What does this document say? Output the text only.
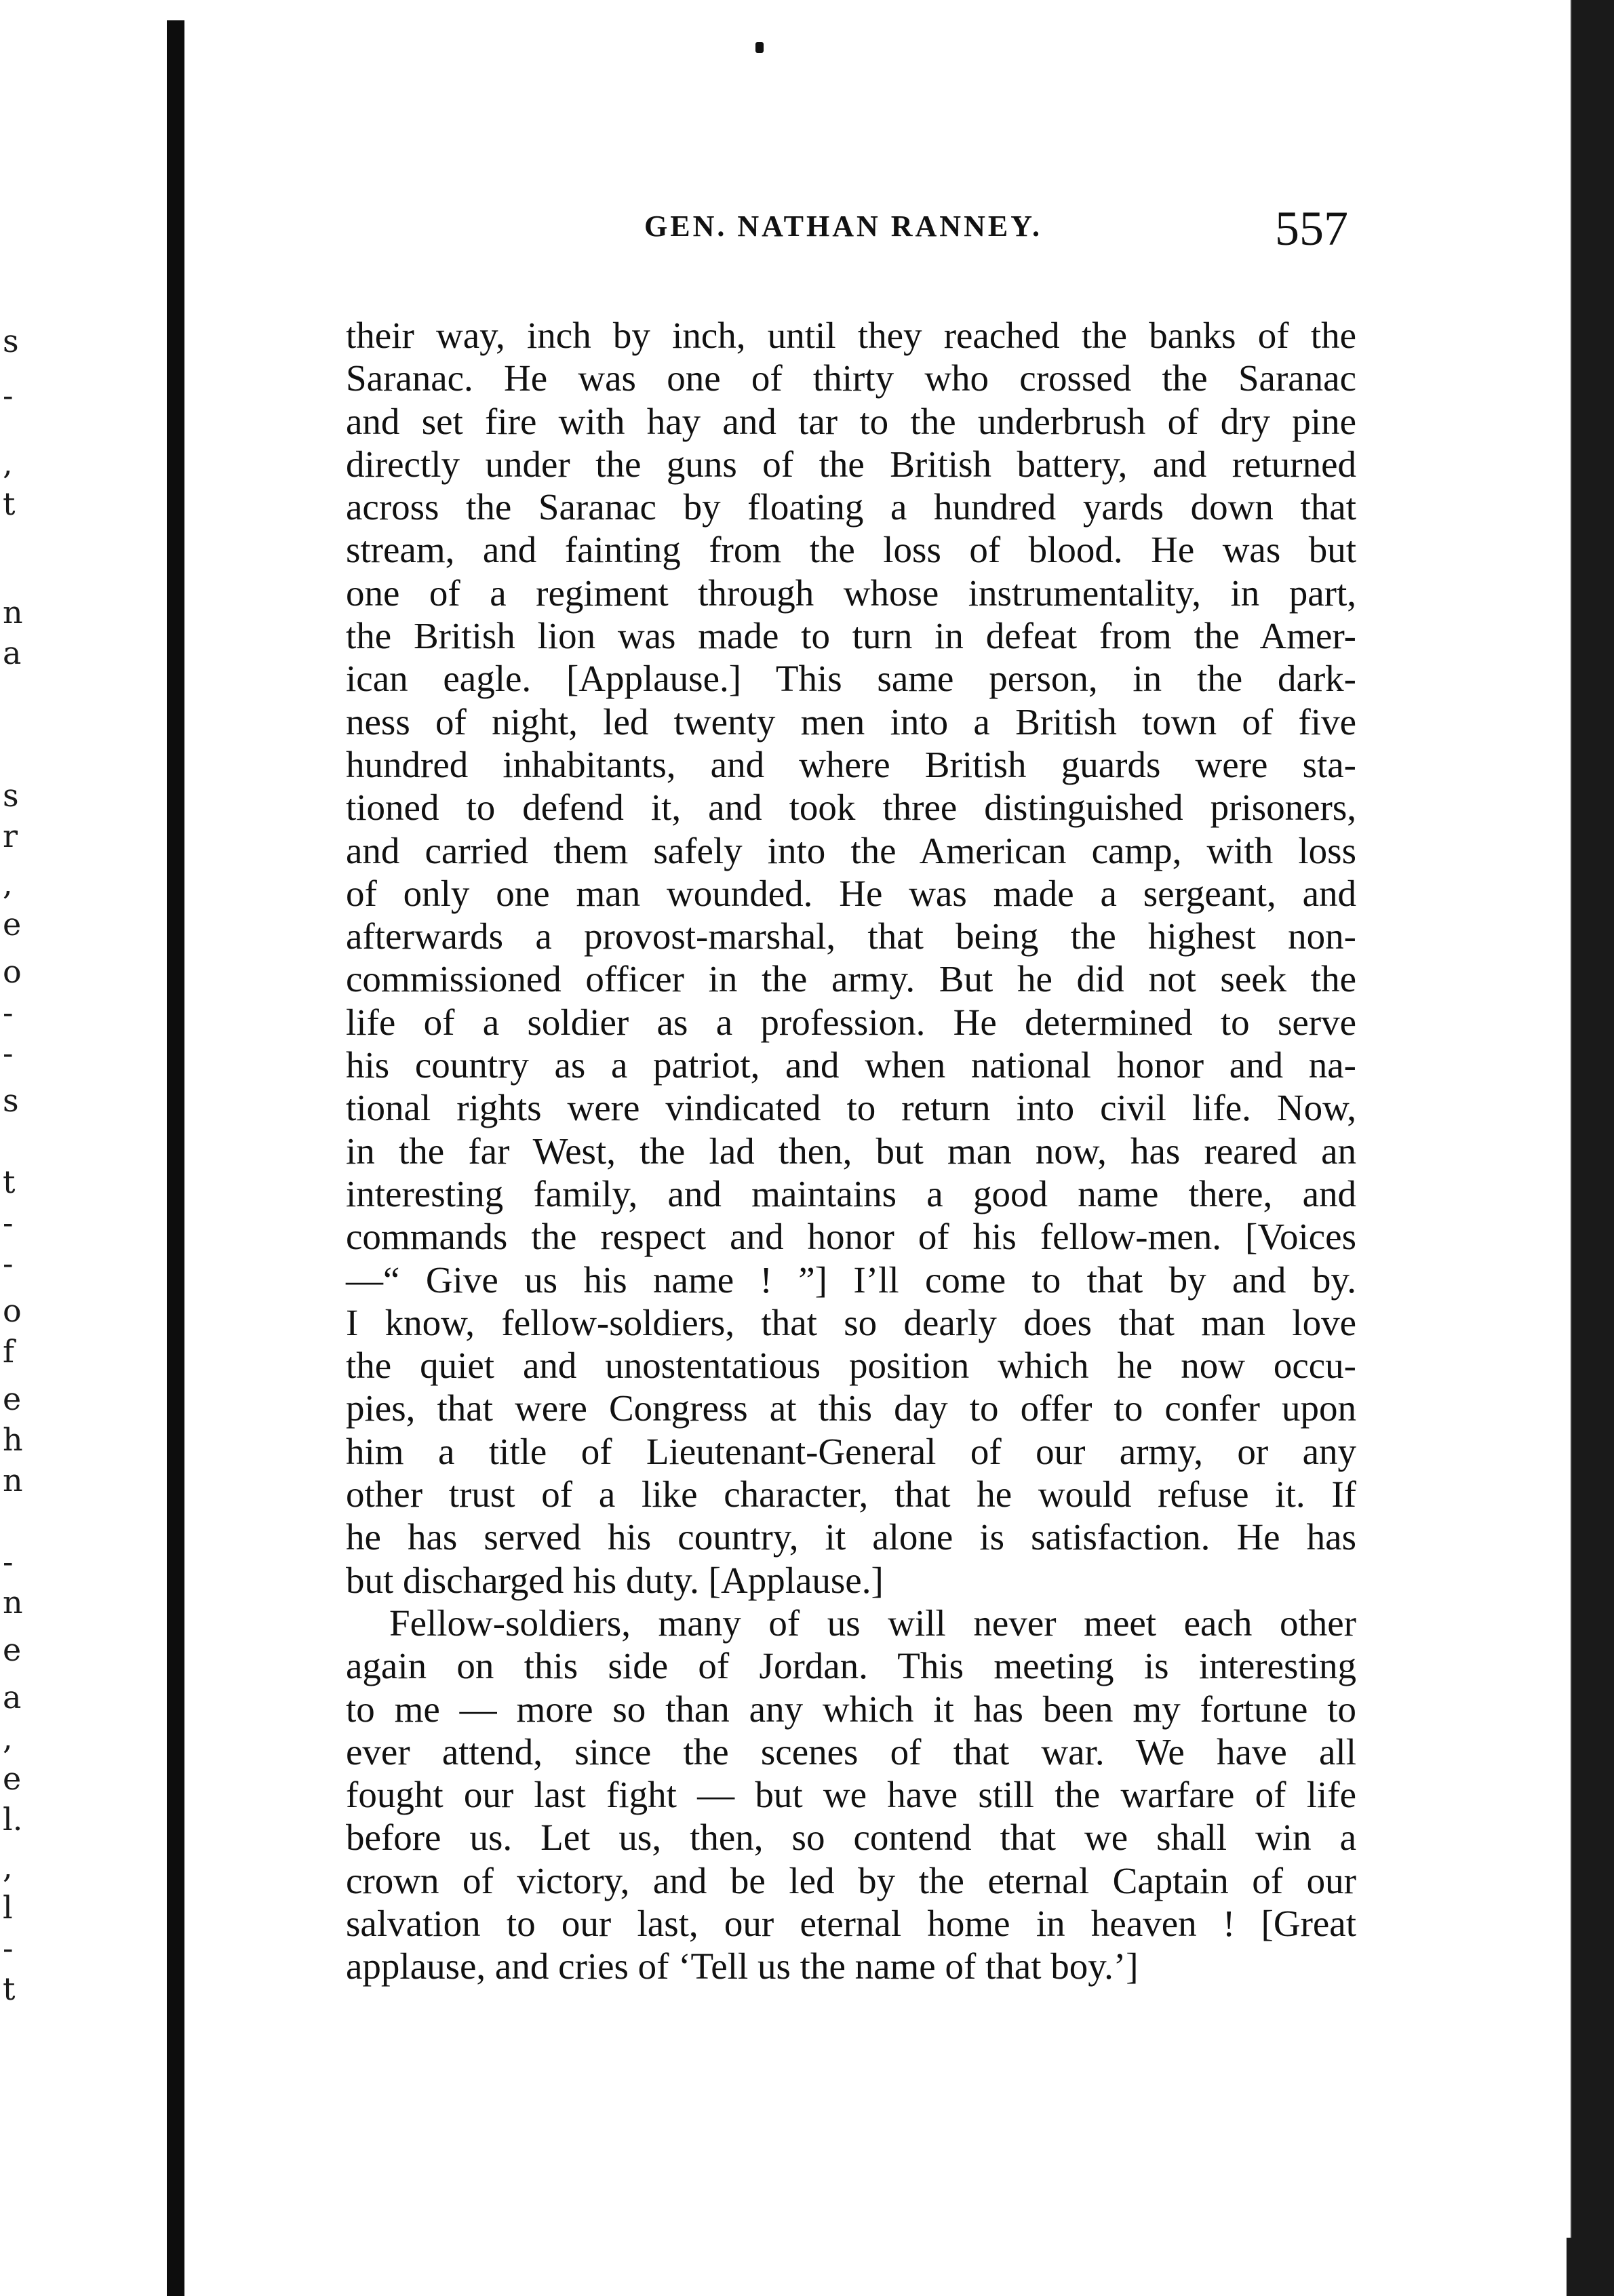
s
-
,
t
n
a
s
r
,
e
o
-
-
s
t
-
-
o
f
e
h
n
-
n
e
a
,
e
l.
,
l
-
t
GEN. NATHAN RANNEY.	557
their way, inch by inch, until they reached the banks of the
Saranac. He was one of thirty who crossed the Saranac
and set fire with hay and tar to the underbrush of dry pine
directly under the guns of the British battery, and returned
across the Saranac by floating a hundred yards down that
stream, and fainting from the loss of blood. He was but
one of a regiment through whose instrumentality, in part,
the British lion was made to turn in defeat from the Amer-
ican eagle. [Applause.] This same person, in the dark-
ness of night, led twenty men into a British town of five
hundred inhabitants, and where British guards were sta-
tioned to defend it, and took three distinguished prisoners,
and carried them safely into the American camp, with loss
of only one man wounded. He was made a sergeant, and
afterwards a provost-marshal, that being the highest non-
commissioned officer in the army. But he did not seek the
life of a soldier as a profession. He determined to serve
his country as a patriot, and when national honor and na-
tional rights were vindicated to return into civil life. Now,
in the far West, the lad then, but man now, has reared an
interesting family, and maintains a good name there, and
commands the respect and honor of his fellow-men. [Voices
—“ Give us his name ! ”] I’ll come to that by and by.
I know, fellow-soldiers, that so dearly does that man love
the quiet and unostentatious position which he now occu-
pies, that were Congress at this day to offer to confer upon
him a title of Lieutenant-General of our army, or any
other trust of a like character, that he would refuse it. If
he has served his country, it alone is satisfaction. He has
but discharged his duty. [Applause.]
Fellow-soldiers, many of us will never meet each other
again on this side of Jordan. This meeting is interesting
to me — more so than any which it has been my fortune to
ever attend, since the scenes of that war. We have all
fought our last fight — but we have still the warfare of life
before us. Let us, then, so contend that we shall win a
crown of victory, and be led by the eternal Captain of our
salvation to our last, our eternal home in heaven ! [Great
applause, and cries of ‘Tell us the name of that boy.’]
